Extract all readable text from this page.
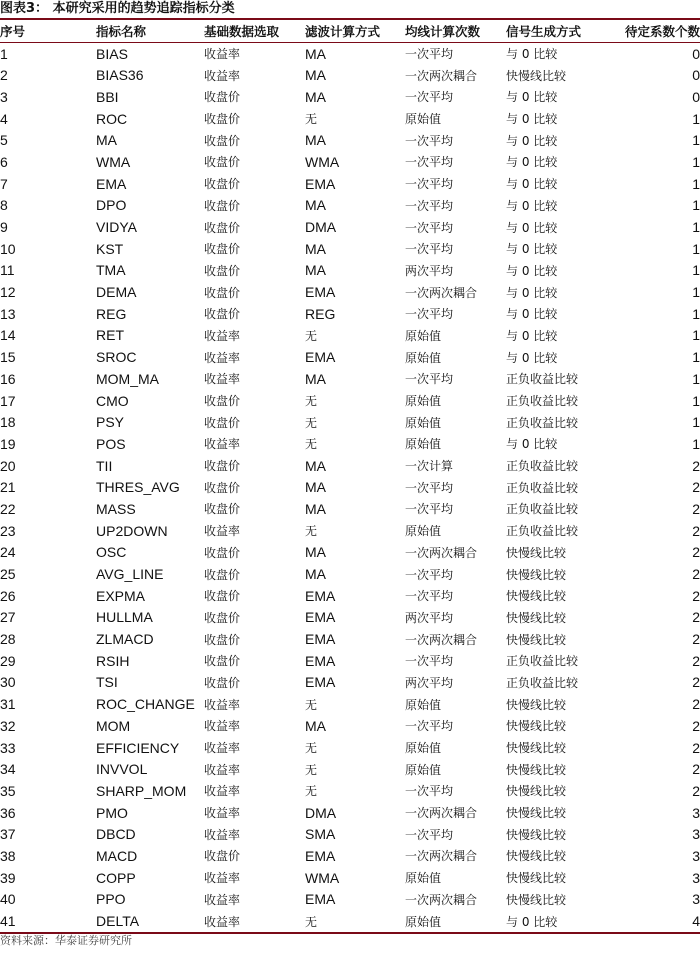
图表3： 本研究采用的趋势追踪指标分类
序号	指标名称	基础数据选取	滤波计算方式	均线计算次数	信号生成方式	待定系数个数
1	BIAS	收益率	MA	一次平均	与 0 比较	0
2	BIAS36	收益率	MA	一次两次耦合	快慢线比较	0
3	BBI	收盘价	MA	一次平均	与 0 比较	0
4	ROC	收盘价	无	原始值	与 0 比较	1
5	MA	收盘价	MA	一次平均	与 0 比较	1
6	WMA	收盘价	WMA	一次平均	与 0 比较	1
7	EMA	收盘价	EMA	一次平均	与 0 比较	1
8	DPO	收盘价	MA	一次平均	与 0 比较	1
9	VIDYA	收盘价	DMA	一次平均	与 0 比较	1
10	KST	收盘价	MA	一次平均	与 0 比较	1
11	TMA	收盘价	MA	两次平均	与 0 比较	1
12	DEMA	收盘价	EMA	一次两次耦合	与 0 比较	1
13	REG	收盘价	REG	一次平均	与 0 比较	1
14	RET	收益率	无	原始值	与 0 比较	1
15	SROC	收益率	EMA	原始值	与 0 比较	1
16	MOM_MA	收益率	MA	一次平均	正负收益比较	1
17	CMO	收盘价	无	原始值	正负收益比较	1
18	PSY	收盘价	无	原始值	正负收益比较	1
19	POS	收益率	无	原始值	与 0 比较	1
20	TII	收盘价	MA	一次计算	正负收益比较	2
21	THRES_AVG	收盘价	MA	一次平均	正负收益比较	2
22	MASS	收盘价	MA	一次平均	正负收益比较	2
23	UP2DOWN	收益率	无	原始值	正负收益比较	2
24	OSC	收盘价	MA	一次两次耦合	快慢线比较	2
25	AVG_LINE	收盘价	MA	一次平均	快慢线比较	2
26	EXPMA	收盘价	EMA	一次平均	快慢线比较	2
27	HULLMA	收盘价	EMA	两次平均	快慢线比较	2
28	ZLMACD	收盘价	EMA	一次两次耦合	快慢线比较	2
29	RSIH	收盘价	EMA	一次平均	正负收益比较	2
30	TSI	收盘价	EMA	两次平均	正负收益比较	2
31	ROC_CHANGE	收益率	无	原始值	快慢线比较	2
32	MOM	收益率	MA	一次平均	快慢线比较	2
33	EFFICIENCY	收益率	无	原始值	快慢线比较	2
34	INVVOL	收益率	无	原始值	快慢线比较	2
35	SHARP_MOM	收益率	无	一次平均	快慢线比较	2
36	PMO	收益率	DMA	一次两次耦合	快慢线比较	3
37	DBCD	收益率	SMA	一次平均	快慢线比较	3
38	MACD	收盘价	EMA	一次两次耦合	快慢线比较	3
39	COPP	收益率	WMA	原始值	快慢线比较	3
40	PPO	收益率	EMA	一次两次耦合	快慢线比较	3
41	DELTA	收益率	无	原始值	与 0 比较	4
资料来源：华泰证券研究所
